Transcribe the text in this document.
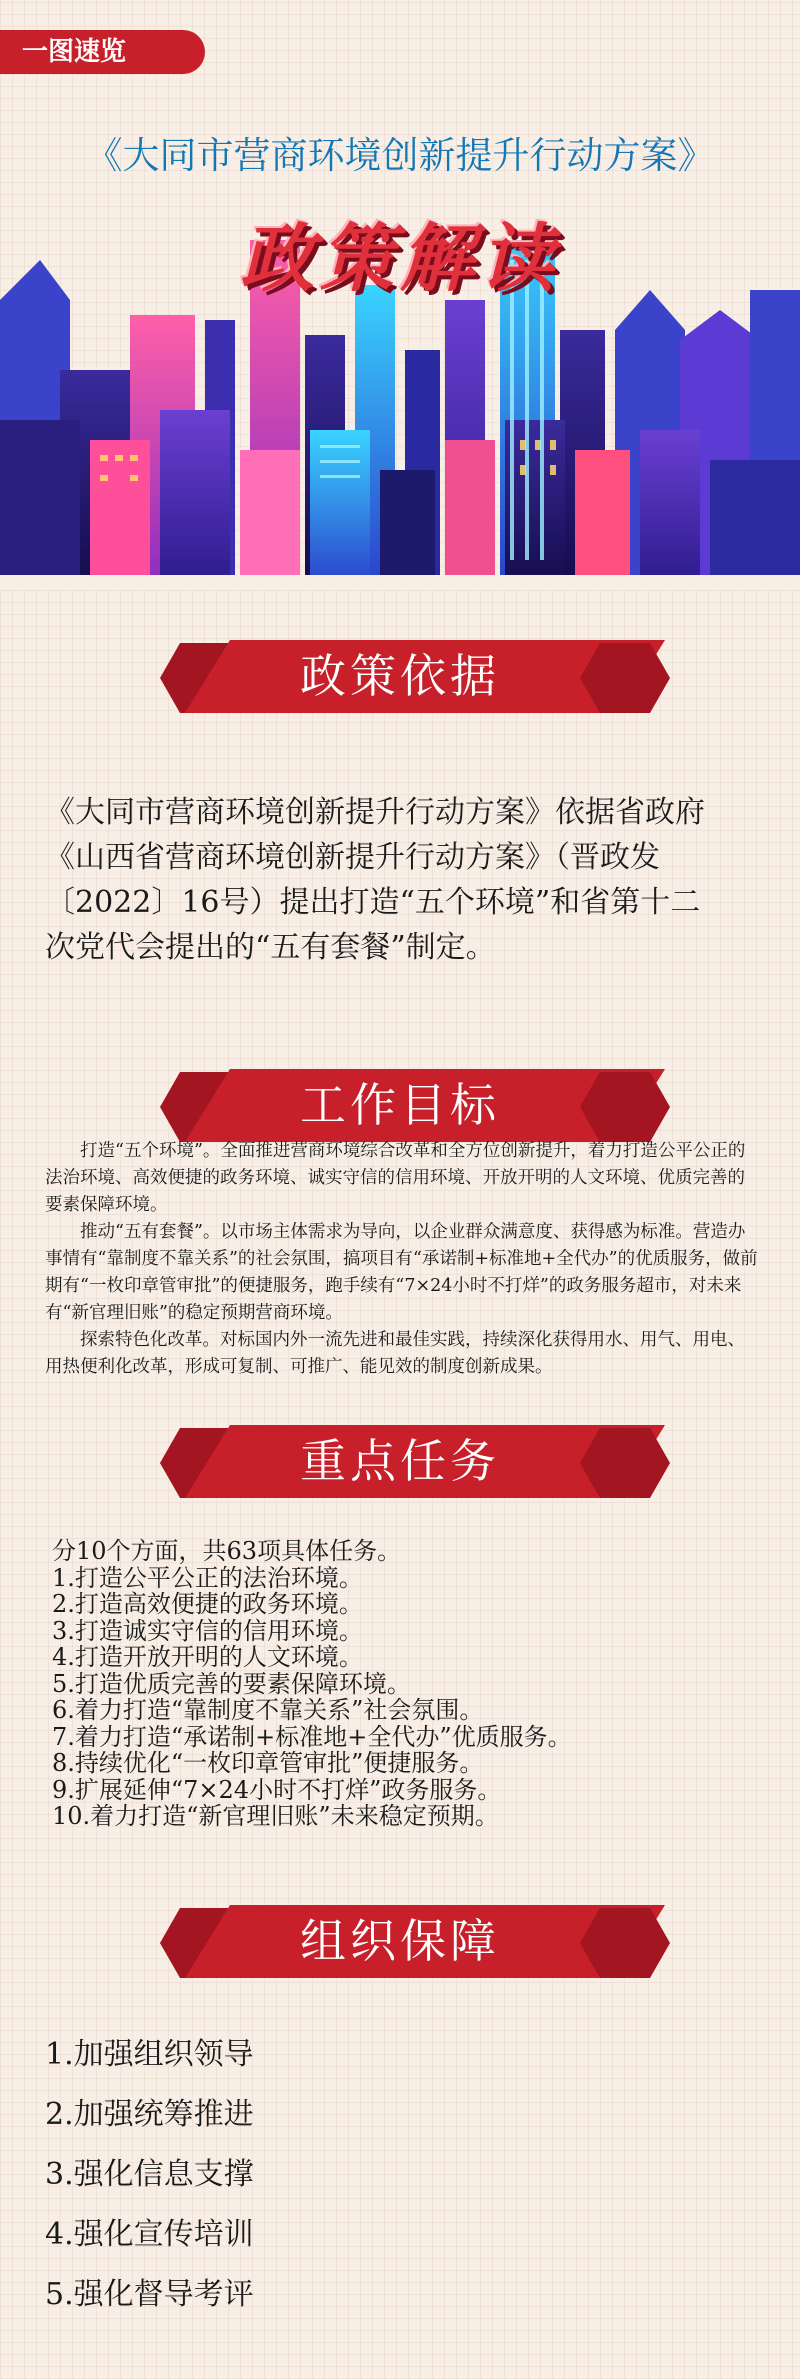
一图速览
《大同市营商环境创新提升行动方案》
政策解读
政策依据

《大同市营商环境创新提升行动方案》依据省政府

《山西省营商环境创新提升行动方案》（晋政发

〔2022〕16号）提出打造“五个环境”和省第十二

次党代会提出的“五有套餐”制定。

工作目标

打造“五个环境”。全面推进营商环境综合改革和全方位创新提升，着力打造公平公正的法治环境、高效便捷的政务环境、诚实守信的信用环境、开放开明的人文环境、优质完善的要素保障环境。

推动“五有套餐”。以市场主体需求为导向，以企业群众满意度、获得感为标准。营造办事情有“靠制度不靠关系”的社会氛围，搞项目有“承诺制+标准地+全代办”的优质服务，做前期有“一枚印章管审批”的便捷服务，跑手续有“7×24小时不打烊”的政务服务超市，对未来有“新官理旧账”的稳定预期营商环境。

探索特色化改革。对标国内外一流先进和最佳实践，持续深化获得用水、用气、用电、用热便利化改革，形成可复制、可推广、能见效的制度创新成果。

重点任务
分10个方面，共63项具体任务。
1.打造公平公正的法治环境。
2.打造高效便捷的政务环境。
3.打造诚实守信的信用环境。
4.打造开放开明的人文环境。
5.打造优质完善的要素保障环境。
6.着力打造“靠制度不靠关系”社会氛围。
7.着力打造“承诺制+标准地+全代办”优质服务。
8.持续优化“一枚印章管审批”便捷服务。
9.扩展延伸“7×24小时不打烊”政务服务。
10.着力打造“新官理旧账”未来稳定预期。
组织保障
1.加强组织领导
2.加强统筹推进
3.强化信息支撑
4.强化宣传培训
5.强化督导考评
